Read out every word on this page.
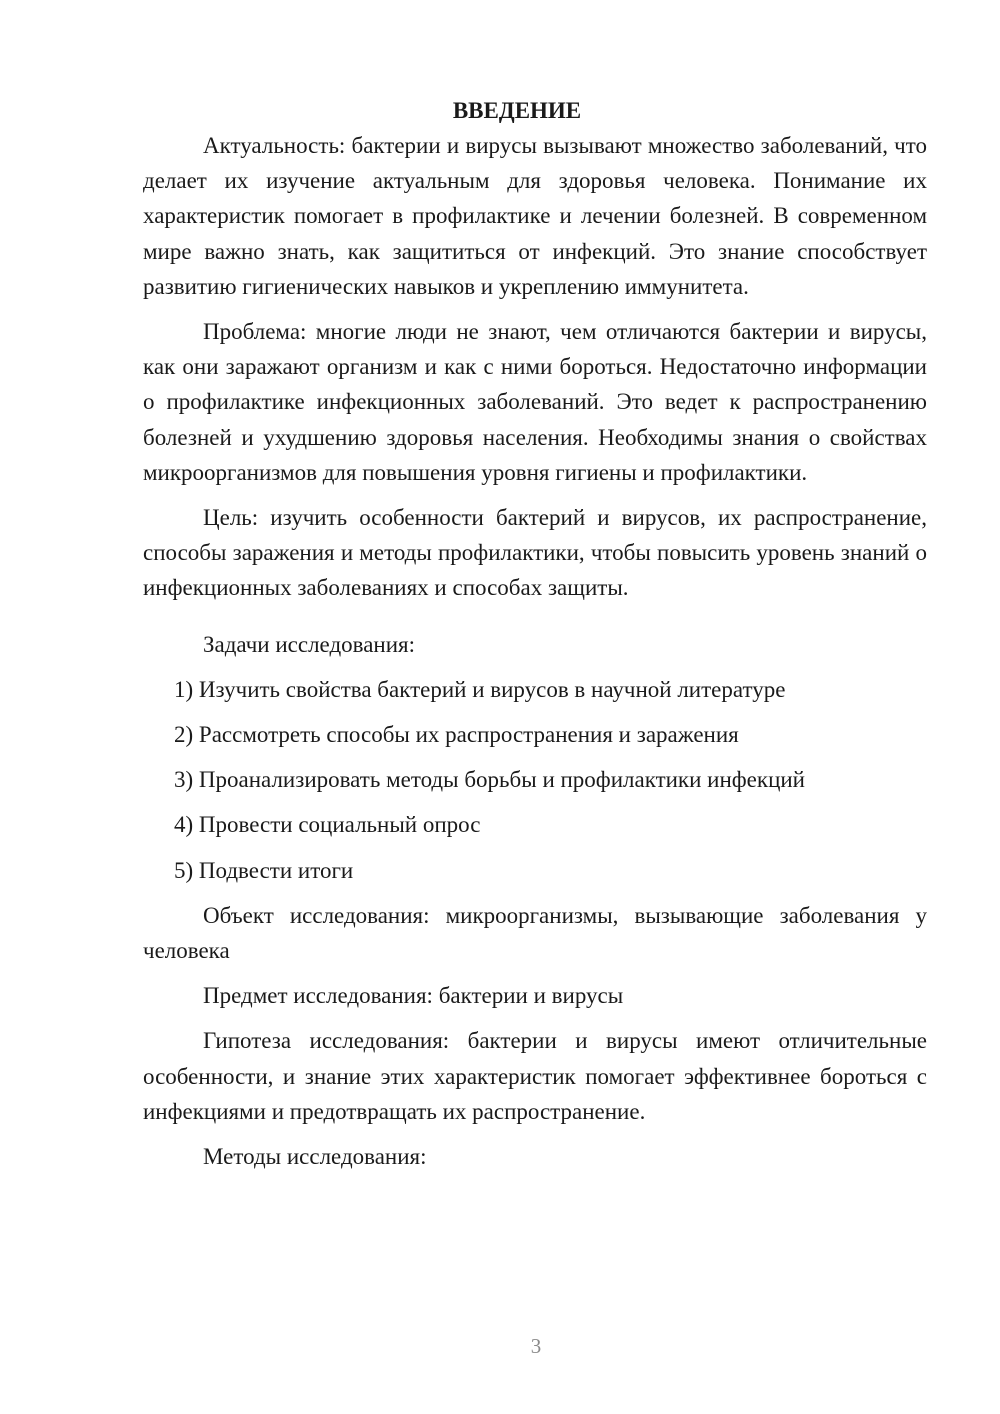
ВВЕДЕНИЕ

Актуальность: бактерии и вирусы вызывают множество заболеваний, что делает их изучение актуальным для здоровья человека. Понимание их характеристик помогает в профилактике и лечении болезней. В современном мире важно знать, как защититься от инфекций. Это знание способствует развитию гигиенических навыков и укреплению иммунитета.

Проблема: многие люди не знают, чем отличаются бактерии и вирусы, как они заражают организм и как с ними бороться. Недостаточно информации о профилактике инфекционных заболеваний. Это ведет к распространению болезней и ухудшению здоровья населения. Необходимы знания о свойствах микроорганизмов для повышения уровня гигиены и профилактики.

Цель: изучить особенности бактерий и вирусов, их распространение, способы заражения и методы профилактики, чтобы повысить уровень знаний о инфекционных заболеваниях и способах защиты.

Задачи исследования:

1) Изучить свойства бактерий и вирусов в научной литературе

2) Рассмотреть способы их распространения и заражения

3) Проанализировать методы борьбы и профилактики инфекций

4) Провести социальный опрос

5) Подвести итоги

Объект исследования: микроорганизмы, вызывающие заболевания у человека

Предмет исследования: бактерии и вирусы

Гипотеза исследования: бактерии и вирусы имеют отличительные особенности, и знание этих характеристик помогает эффективнее бороться с инфекциями и предотвращать их распространение.

Методы исследования:

3
